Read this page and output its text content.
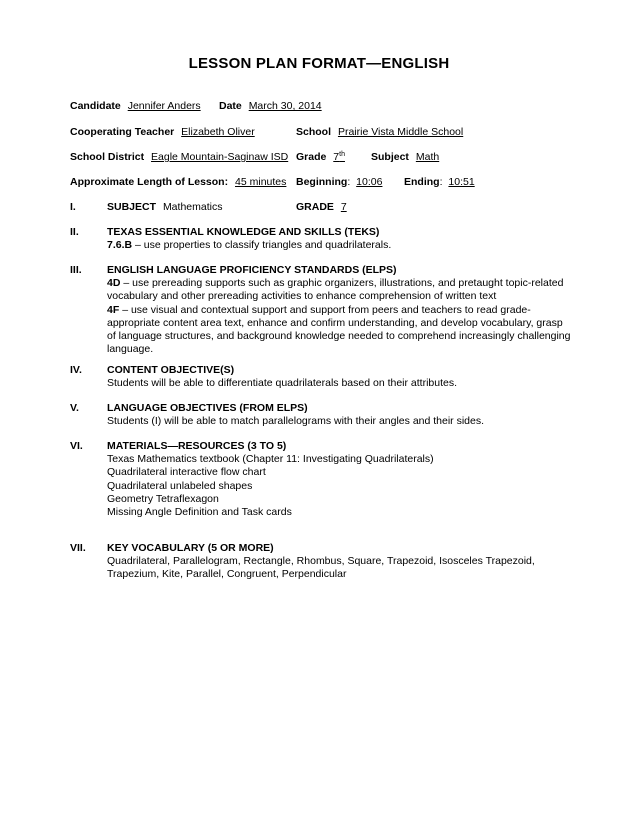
LESSON PLAN FORMAT—ENGLISH
Candidate Jennifer Anders Date March 30, 2014
Cooperating Teacher Elizabeth Oliver	School Prairie Vista Middle School
School District Eagle Mountain-Saginaw ISD Grade 7th Subject Math
Approximate Length of Lesson: 45 minutes Beginning: 10:06 Ending: 10:51
I.	SUBJECT Mathematics	GRADE 7
II.	TEXAS ESSENTIAL KNOWLEDGE AND SKILLS (TEKS)
7.6.B – use properties to classify triangles and quadrilaterals.
III. ENGLISH LANGUAGE PROFICIENCY STANDARDS (ELPS)
4D – use prereading supports such as graphic organizers, illustrations, and pretaught topic-related vocabulary and other prereading activities to enhance comprehension of written text
4F – use visual and contextual support and support from peers and teachers to read grade-appropriate content area text, enhance and confirm understanding, and develop vocabulary, grasp of language structures, and background knowledge needed to comprehend increasingly challenging language.
IV. CONTENT OBJECTIVE(S)
Students will be able to differentiate quadrilaterals based on their attributes.
V.	LANGUAGE OBJECTIVES (FROM ELPS)
Students (I) will be able to match parallelograms with their angles and their sides.
VI. MATERIALS—RESOURCES (3 TO 5)
Texas Mathematics textbook (Chapter 11: Investigating Quadrilaterals)
Quadrilateral interactive flow chart
Quadrilateral unlabeled shapes
Geometry Tetraflexagon
Missing Angle Definition and Task cards
VII. KEY VOCABULARY (5 OR MORE)
Quadrilateral, Parallelogram, Rectangle, Rhombus, Square, Trapezoid, Isosceles Trapezoid, Trapezium, Kite, Parallel, Congruent, Perpendicular
